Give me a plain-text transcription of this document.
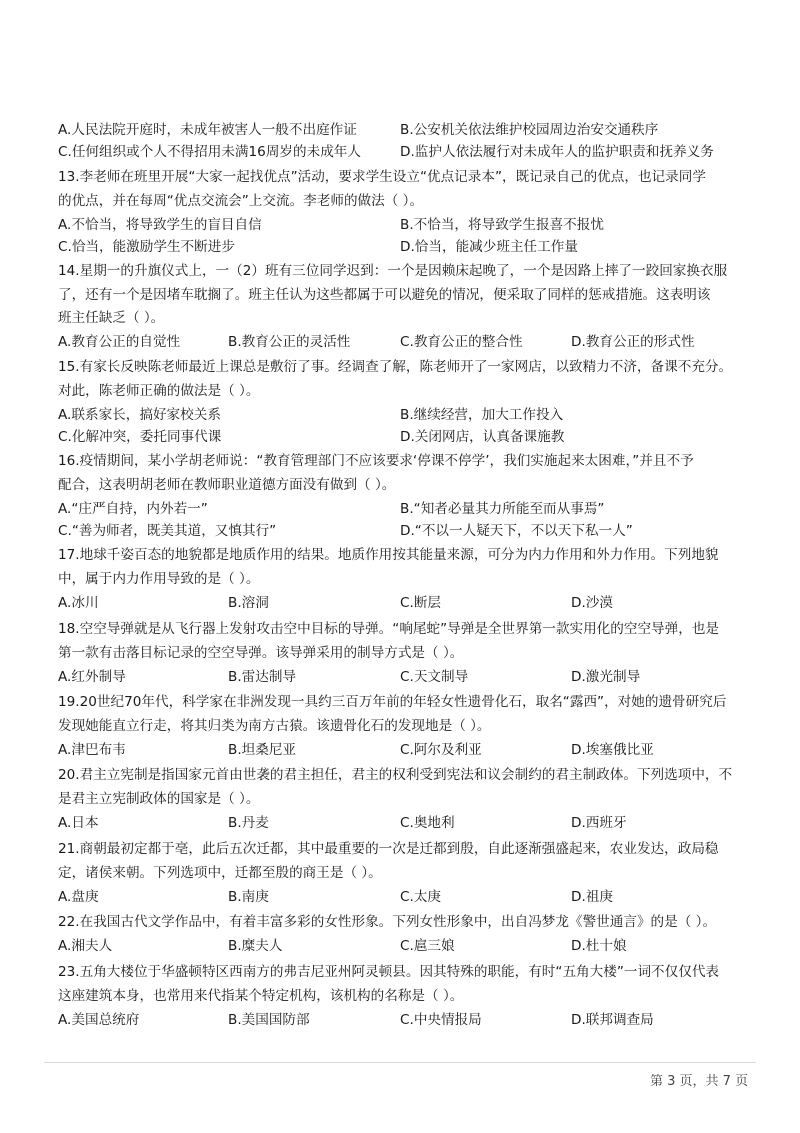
A.人民法院开庭时，未成年被害人一般不出庭作证	B.公安机关依法维护校园周边治安交通秩序
C.任何组织或个人不得招用未满16周岁的未成年人	D.监护人依法履行对未成年人的监护职责和抚养义务
13.李老师在班里开展“大家一起找优点”活动，要求学生设立“优点记录本”，既记录自己的优点，也记录同学
的优点，并在每周“优点交流会”上交流。李老师的做法（ ）。
A.不恰当，将导致学生的盲目自信	B.不恰当，将导致学生报喜不报忧
C.恰当，能激励学生不断进步	D.恰当，能减少班主任工作量
14.星期一的升旗仪式上，一（2）班有三位同学迟到：一个是因赖床起晚了，一个是因路上摔了一跤回家换衣服
了，还有一个是因堵车耽搁了。班主任认为这些都属于可以避免的情况，便采取了同样的惩戒措施。这表明该
班主任缺乏（ ）。
A.教育公正的自觉性	B.教育公正的灵活性	C.教育公正的整合性	D.教育公正的形式性
15.有家长反映陈老师最近上课总是敷衍了事。经调查了解，陈老师开了一家网店，以致精力不济，备课不充分。
对此，陈老师正确的做法是（ ）。
A.联系家长，搞好家校关系	B.继续经营，加大工作投入
C.化解冲突，委托同事代课	D.关闭网店，认真备课施教
16.疫情期间，某小学胡老师说：“教育管理部门不应该要求‘停课不停学’，我们实施起来太困难，”并且不予
配合，这表明胡老师在教师职业道德方面没有做到（ ）。
A.“庄严自持，内外若一”	B.“知者必量其力所能至而从事焉”
C.“善为师者，既美其道，又慎其行”	D.“不以一人疑天下，不以天下私一人”
17.地球千姿百态的地貌都是地质作用的结果。地质作用按其能量来源，可分为内力作用和外力作用。下列地貌
中，属于内力作用导致的是（ ）。
A.冰川	B.溶洞	C.断层	D.沙漠
18.空空导弹就是从飞行器上发射攻击空中目标的导弹。“响尾蛇”导弹是全世界第一款实用化的空空导弹，也是
第一款有击落目标记录的空空导弹。该导弹采用的制导方式是（ ）。
A.红外制导	B.雷达制导	C.天文制导	D.激光制导
19.20世纪70年代，科学家在非洲发现一具约三百万年前的年轻女性遗骨化石，取名“露西”，对她的遗骨研究后
发现她能直立行走，将其归类为南方古猿。该遗骨化石的发现地是（ ）。
A.津巴布韦	B.坦桑尼亚	C.阿尔及利亚	D.埃塞俄比亚
20.君主立宪制是指国家元首由世袭的君主担任，君主的权利受到宪法和议会制约的君主制政体。下列选项中，不
是君主立宪制政体的国家是（ ）。
A.日本	B.丹麦	C.奥地利	D.西班牙
21.商朝最初定都于亳，此后五次迁都，其中最重要的一次是迁都到殷，自此逐渐强盛起来，农业发达，政局稳
定，诸侯来朝。下列选项中，迁都至殷的商王是（ ）。
A.盘庚	B.南庚	C.太庚	D.祖庚
22.在我国古代文学作品中，有着丰富多彩的女性形象。下列女性形象中，出自冯梦龙《警世通言》的是（ ）。
A.湘夫人	B.糜夫人	C.扈三娘	D.杜十娘
23.五角大楼位于华盛顿特区西南方的弗吉尼亚州阿灵顿县。因其特殊的职能，有时“五角大楼”一词不仅仅代表
这座建筑本身，也常用来代指某个特定机构，该机构的名称是（ ）。
A.美国总统府	B.美国国防部	C.中央情报局	D.联邦调查局
第 3 页，共 7 页
